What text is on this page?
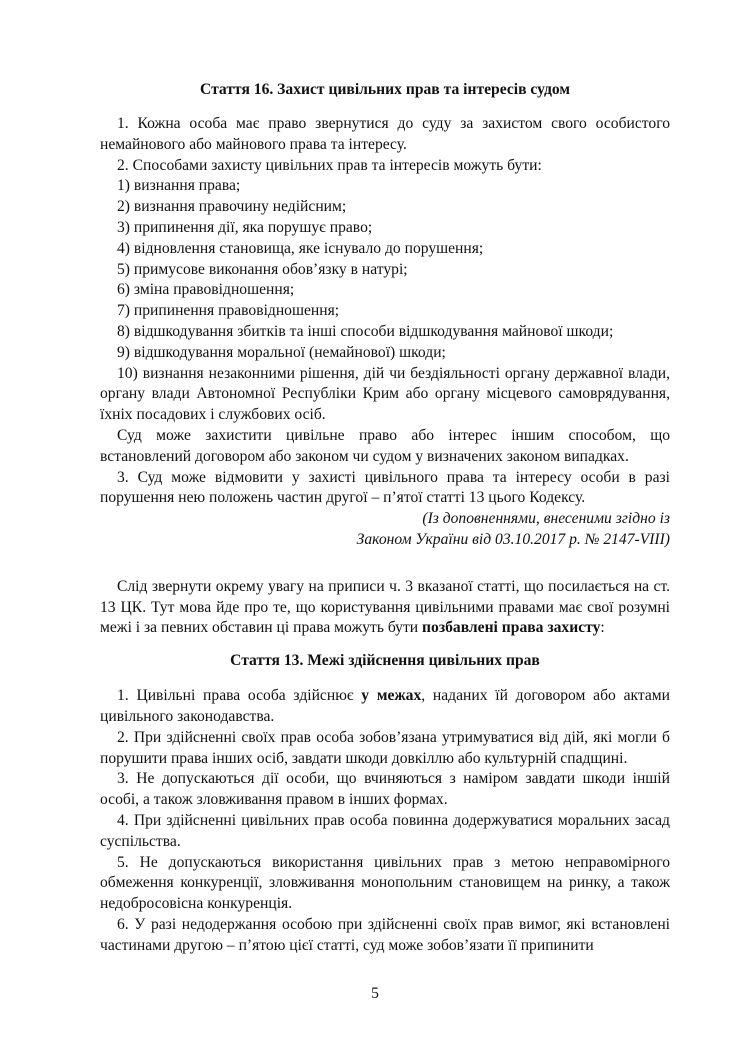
Стаття 16. Захист цивільних прав та інтересів судом

1. Кожна особа має право звернутися до суду за захистом свого особистого немайнового або майнового права та інтересу.

2. Способами захисту цивільних прав та інтересів можуть бути:

1) визнання права;

2) визнання правочину недійсним;

3) припинення дії, яка порушує право;

4) відновлення становища, яке існувало до порушення;

5) примусове виконання обов’язку в натурі;

6) зміна правовідношення;

7) припинення правовідношення;

8) відшкодування збитків та інші способи відшкодування майнової шкоди;

9) відшкодування моральної (немайнової) шкоди;

10) визнання незаконними рішення, дій чи бездіяльності органу державної влади, органу влади Автономної Республіки Крим або органу місцевого самоврядування, їхніх посадових і службових осіб.

Суд може захистити цивільне право або інтерес іншим способом, що встановлений договором або законом чи судом у визначених законом випадках.

3. Суд може відмовити у захисті цивільного права та інтересу особи в разі порушення нею положень частин другої – п’ятої статті 13 цього Кодексу.

(Із доповненнями, внесеними згідно із

Законом України від 03.10.2017 р. № 2147-VIII)

Слід звернути окрему увагу на приписи ч. 3 вказаної статті, що посилається на ст. 13 ЦК. Тут мова йде про те, що користування цивільними правами має свої розумні межі і за певних обставин ці права можуть бути позбавлені права захисту:

Стаття 13. Межі здійснення цивільних прав

1. Цивільні права особа здійснює у межах, наданих їй договором або актами цивільного законодавства.

2. При здійсненні своїх прав особа зобов’язана утримуватися від дій, які могли б порушити права інших осіб, завдати шкоди довкіллю або культурній спадщині.

3. Не допускаються дії особи, що вчиняються з наміром завдати шкоди іншій особі, а також зловживання правом в інших формах.

4. При здійсненні цивільних прав особа повинна додержуватися моральних засад суспільства.

5. Не допускаються використання цивільних прав з метою неправомірного обмеження конкуренції, зловживання монопольним становищем на ринку, а також недобросовісна конкуренція.

6. У разі недодержання особою при здійсненні своїх прав вимог, які встановлені частинами другою – п’ятою цієї статті, суд може зобов’язати її припинити

5
